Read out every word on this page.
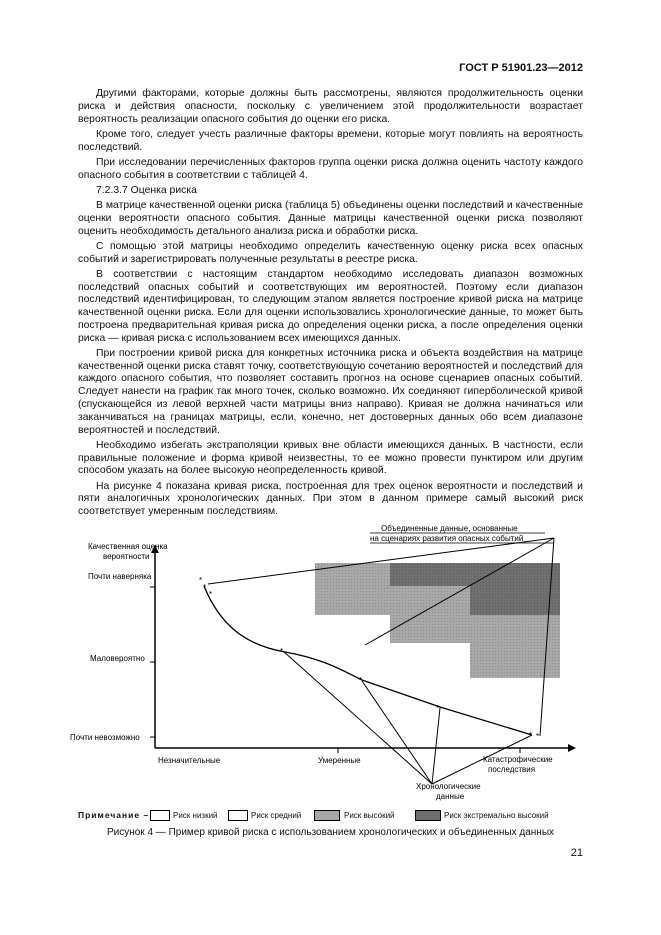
ГОСТ Р 51901.23—2012

Другими факторами, которые должны быть рассмотрены, являются продолжительность оценки риска и действия опасности, поскольку с увеличением этой продолжительности возрастает вероятность реализации опасного события до оценки его риска.

Кроме того, следует учесть различные факторы времени, которые могут повлиять на вероятность последствий.

При исследовании перечисленных факторов группа оценки риска должна оценить частоту каждого опасного события в соответствии с таблицей 4.

7.2.3.7 Оценка риска

В матрице качественной оценки риска (таблица 5) объединены оценки последствий и качественные оценки вероятности опасного события. Данные матрицы качественной оценки риска позволяют оценить необходимость детального анализа риска и обработки риска.

С помощью этой матрицы необходимо определить качественную оценку риска всех опасных событий и зарегистрировать полученные результаты в реестре риска.

В соответствии с настоящим стандартом необходимо исследовать диапазон возможных последствий опасных событий и соответствующих им вероятностей. Поэтому если диапазон последствий идентифицирован, то следующим этапом является построение кривой риска на матрице качественной оценки риска. Если для оценки использовались хронологические данные, то может быть построена предварительная кривая риска до определения оценки риска, а после определения оценки риска — кривая риска с использованием всех имеющихся данных.

При построении кривой риска для конкретных источника риска и объекта воздействия на матрице качественной оценки риска ставят точку, соответствующую сочетанию вероятностей и последствий для каждого опасного события, что позволяет составить прогноз на основе сценариев опасных событий. Следует нанести на график так много точек, сколько возможно. Их соединяют гиперболической кривой (спускающейся из левой верхней части матрицы вниз направо). Кривая не должна начинаться или заканчиваться на границах матрицы, если, конечно, нет достоверных данных обо всем диапазоне вероятностей и последствий.

Необходимо избегать экстраполяции кривых вне области имеющихся данных. В частности, если правильные положение и форма кривой неизвестны, то ее можно провести пунктиром или другим способом указать на более высокую неопределенность кривой.

На рисунке 4 показана кривая риска, построенная для трех оценок вероятности и последствий и пяти аналогичных хронологических данных. При этом в данном примере самый высокий риск соответствует умеренным последствиям.

Качественная оценка
вероятности
Почти наверняка
Маловероятно
Почти невозможно
Незначительные	Умеренные	Катастрофические
последствия
*
*
*
*
*
*
*
Объединенные данные, основанные
на сценариях развития опасных событий
Хронологические
данные
Примечание –	Риск низкий	Риск средний	Риск высокий	Риск экстремально высокий
Рисунок 4 — Пример кривой риска с использованием хронологических и объединенных данных
21
